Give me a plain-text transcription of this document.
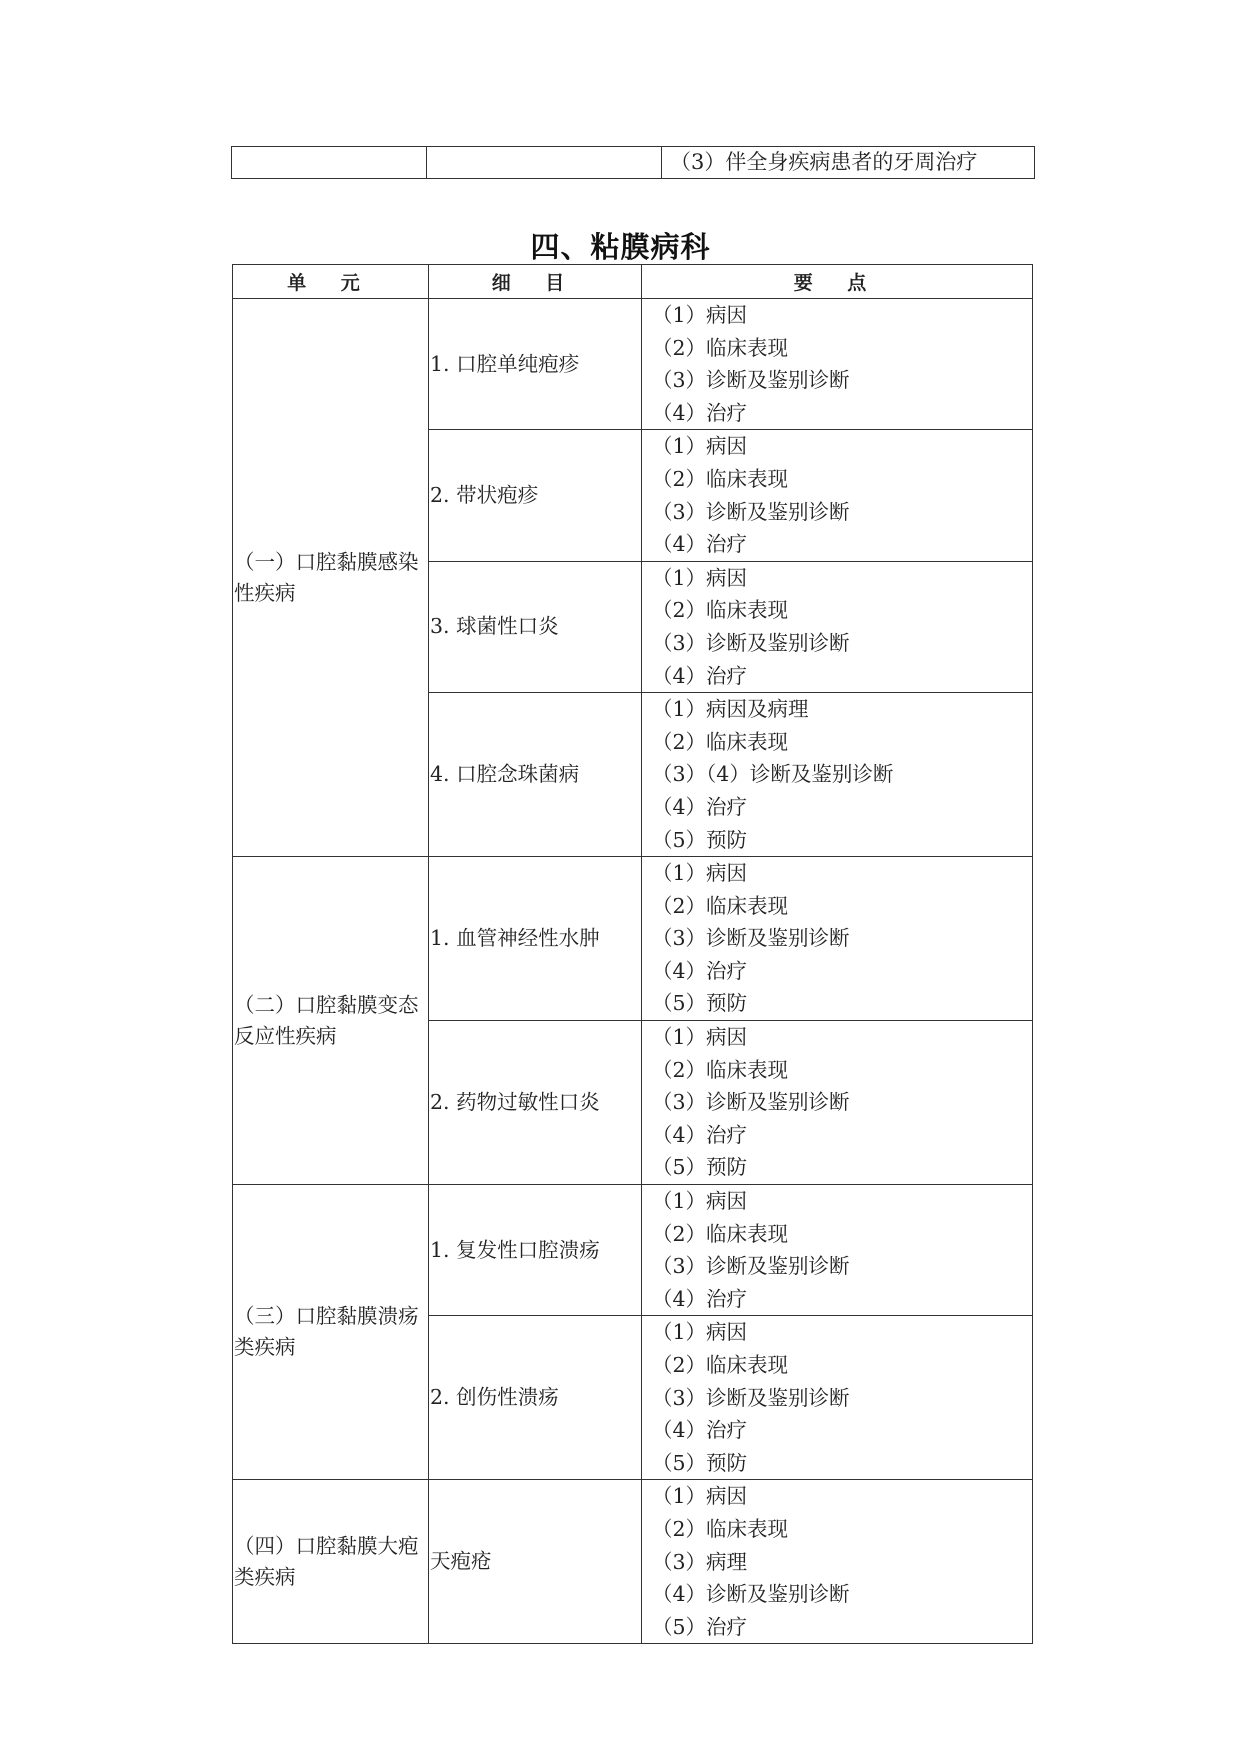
		（3）伴全身疾病患者的牙周治疗
四、粘膜病科
单 元	细 目	要 点

（一）口腔黏膜感染性疾病	1. 口腔单纯疱疹	（1）病因
（2）临床表现
（3）诊断及鉴别诊断
（4）治疗

	2. 带状疱疹	（1）病因
（2）临床表现
（3）诊断及鉴别诊断
（4）治疗

	3. 球菌性口炎	（1）病因
（2）临床表现
（3）诊断及鉴别诊断
（4）治疗

	4. 口腔念珠菌病	（1）病因及病理
（2）临床表现
（3）（4）诊断及鉴别诊断
（4）治疗
（5）预防

（二）口腔黏膜变态反应性疾病	1. 血管神经性水肿	（1）病因
（2）临床表现
（3）诊断及鉴别诊断
（4）治疗
（5）预防

	2. 药物过敏性口炎	（1）病因
（2）临床表现
（3）诊断及鉴别诊断
（4）治疗
（5）预防

（三）口腔黏膜溃疡类疾病	1. 复发性口腔溃疡	（1）病因
（2）临床表现
（3）诊断及鉴别诊断
（4）治疗

	2. 创伤性溃疡	（1）病因
（2）临床表现
（3）诊断及鉴别诊断
（4）治疗
（5）预防

（四）口腔黏膜大疱类疾病	天疱疮	（1）病因
（2）临床表现
（3）病理
（4）诊断及鉴别诊断
（5）治疗
